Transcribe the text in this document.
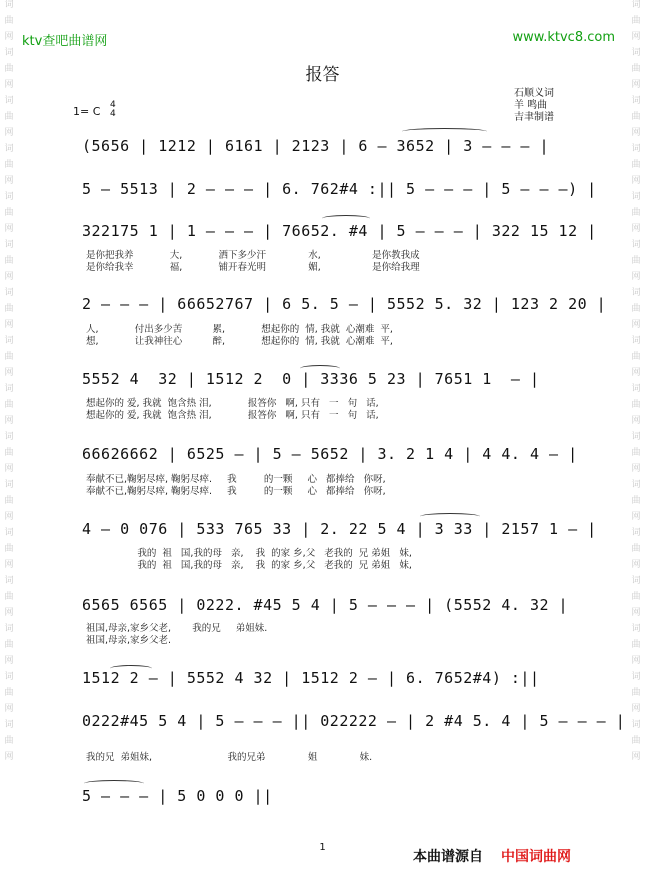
词
曲
网
词
曲
网
词
曲
网
词
曲
网
词
曲
网
词
曲
网
词
曲
网
词
曲
网
词
曲
网
词
曲
网
词
曲
网
词
曲
网
词
曲
网
词
曲
网
词
曲
网
词
曲
网
词
曲
网
词
曲
网
词
曲
网
词
曲
网
词
曲
网
词
曲
网
词
曲
网
词
曲
网
词
曲
网
词
曲
网
词
曲
网
词
曲
网
词
曲
网
词
曲
网
词
曲
网
词
曲
网
ktv查吧曲谱网	www.ktvc8.com
报答
石顺义词
羊 鸣曲
吉聿制谱
1= C 4
4
(5656 | 1212 | 6161 | 2123 | 6 — 3652 | 3 — — — |
5 — 5513 | 2 — — — | 6. 762#4 :|| 5 — — — | 5 — — —) |
322175 1 | 1 — — — | 76652. #4 | 5 — — — | 322 15 12 |
是你把我养            大,            洒下多少汗              水,                 是你教我成
是你给我幸            福,            铺开春光明              媚,                 是你给我理
2 — — — | 66652767 | 6 5. 5 — | 5552 5. 32 | 123 2 20 |
人,            付出多少苦          累,            想起你的  情, 我就  心潮难  平,
想,            让我神往心          醉,            想起你的  情, 我就  心潮难  平,
5552 4  32 | 1512 2  0 | 3336 5 23 | 7651 1  — |
想起你的 爱, 我就  饱含热 泪,            报答你   啊, 只有   一   句   话,
想起你的 爱, 我就  饱含热 泪,            报答你   啊, 只有   一   句   话,
66626662 | 6525 — | 5 — 5652 | 3. 2 1 4 | 4 4. 4 — |
奉献不已,鞠躬尽瘁, 鞠躬尽瘁.     我         的一颗     心   都捧给   你呀,
奉献不已,鞠躬尽瘁, 鞠躬尽瘁.     我         的一颗     心   都捧给   你呀,
4 — 0 076 | 533 765 33 | 2. 22 5 4 | 3 33 | 2157 1 — |
我的  祖   国,我的母   亲,    我  的家 乡,父   老我的  兄 弟姐   妹,
我的  祖   国,我的母   亲,    我  的家 乡,父   老我的  兄 弟姐   妹,
6565 6565 | 0222. #45 5 4 | 5 — — — | (5552 4. 32 |
祖国,母亲,家乡父老,       我的兄     弟姐妹.
祖国,母亲,家乡父老.
1512 2 — | 5552 4 32 | 1512 2 — | 6. 7652#4) :||
0222#45 5 4 | 5 — — — || 022222 — | 2 #4 5. 4 | 5 — — — |
我的兄  弟姐妹,                         我的兄弟              姐              妹.
5 — — — | 5 0 0 0 ||
1
本曲谱源自 中国词曲网
